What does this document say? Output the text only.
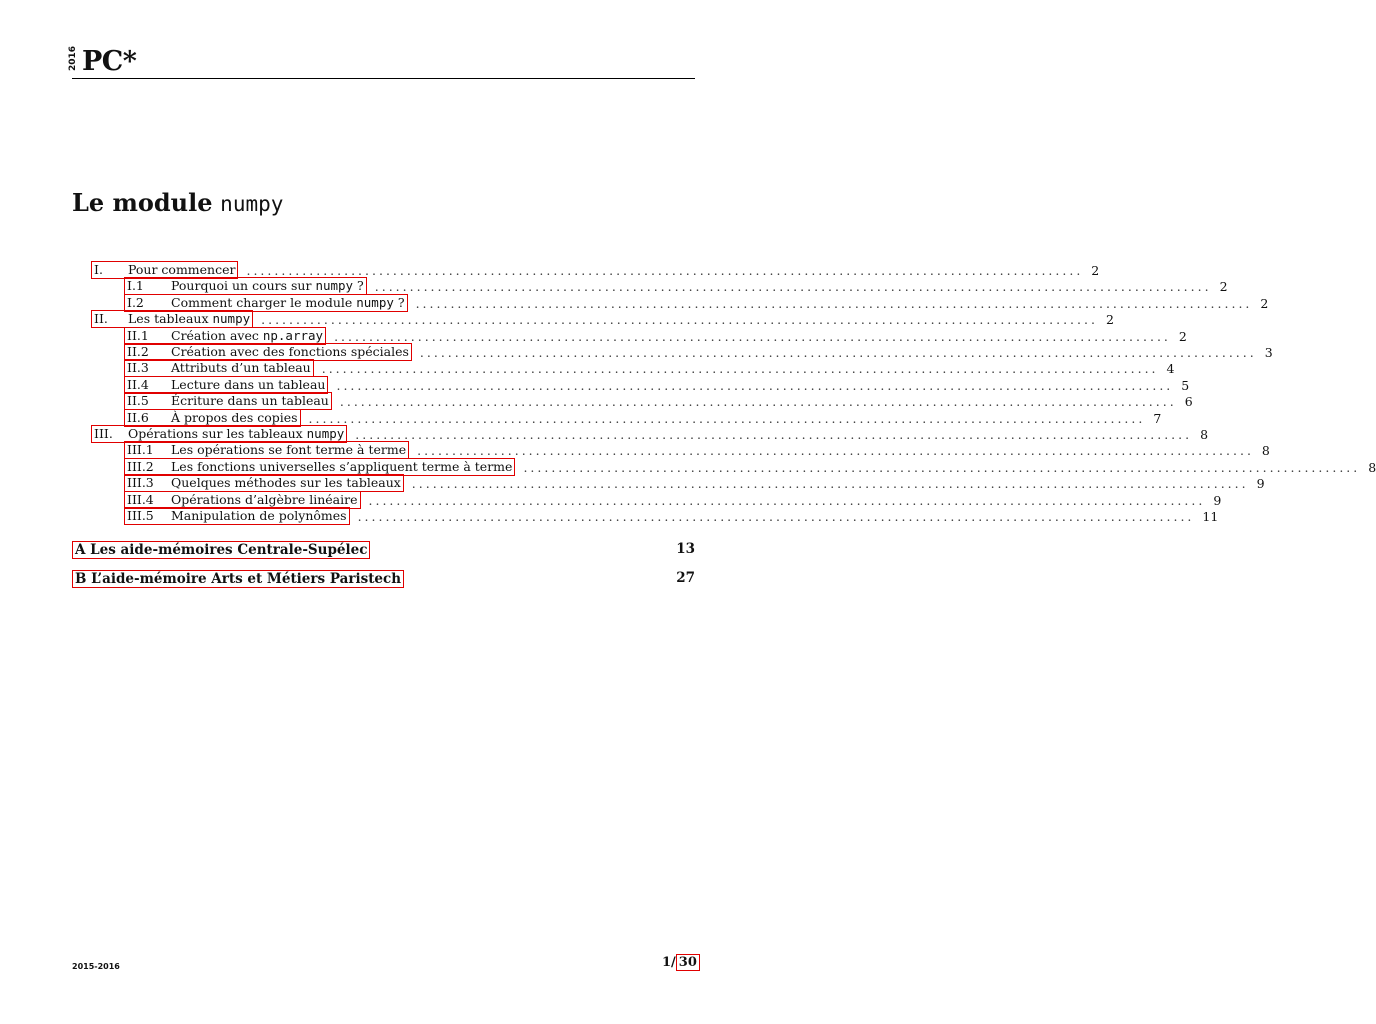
2016 PC*
Le module numpy
I.	Pour commencer ........................................................................................................................ 2
I.1	Pourquoi un cours sur numpy ? ........................................................................................................................ 2
I.2	Comment charger le module numpy ? ........................................................................................................................ 2
II.	Les tableaux numpy ........................................................................................................................ 2
II.1	Création avec np.array ........................................................................................................................ 2
II.2	Création avec des fonctions spéciales ........................................................................................................................ 3
II.3	Attributs d’un tableau ........................................................................................................................ 4
II.4	Lecture dans un tableau ........................................................................................................................ 5
II.5	Écriture dans un tableau ........................................................................................................................ 6
II.6	À propos des copies ........................................................................................................................ 7
III.	Opérations sur les tableaux numpy ........................................................................................................................ 8
III.1	Les opérations se font terme à terme ........................................................................................................................ 8
III.2	Les fonctions universelles s’appliquent terme à terme ........................................................................................................................ 8
III.3	Quelques méthodes sur les tableaux ........................................................................................................................ 9
III.4	Opérations d’algèbre linéaire ........................................................................................................................ 9
III.5	Manipulation de polynômes ........................................................................................................................ 11
A Les aide-mémoires Centrale-Supélec	13
B L’aide-mémoire Arts et Métiers Paristech	27
2015-2016	1/ 30
